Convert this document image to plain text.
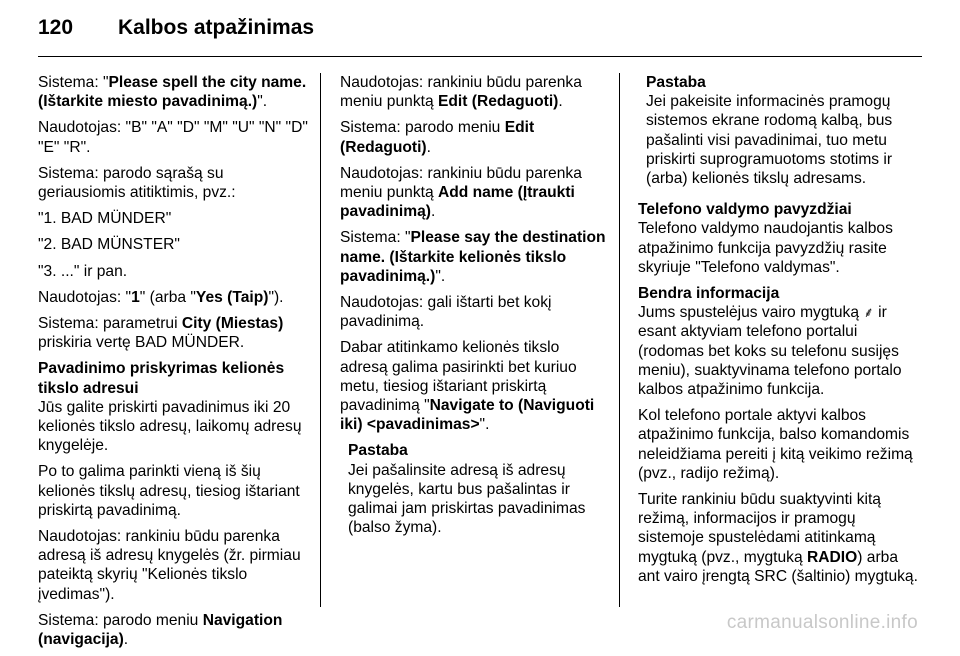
120	Kalbos atpažinimas

Sistema: "Please spell the city name. (Ištarkite miesto pavadinimą.)".

Naudotojas: "B" "A" "D" "M" "U" "N" "D" "E" "R".

Sistema: parodo sąrašą su geriausiomis atitiktimis, pvz.:

"1. BAD MÜNDER"

"2. BAD MÜNSTER"

"3. ..." ir pan.

Naudotojas: "1" (arba "Yes (Taip)").

Sistema: parametrui City (Miestas) priskiria vertę BAD MÜNDER.

Pavadinimo priskyrimas kelionės tikslo adresui

Jūs galite priskirti pavadinimus iki 20 kelionės tikslo adresų, laikomų adresų knygelėje.

Po to galima parinkti vieną iš šių kelionės tikslų adresų, tiesiog ištariant priskirtą pavadinimą.

Naudotojas: rankiniu būdu parenka adresą iš adresų knygelės (žr. pirmiau pateiktą skyrių "Kelionės tikslo įvedimas").

Sistema: parodo meniu Navigation (navigacija).

Naudotojas: rankiniu būdu parenka meniu punktą Edit (Redaguoti).

Sistema: parodo meniu Edit (Redaguoti).

Naudotojas: rankiniu būdu parenka meniu punktą Add name (Įtraukti pavadinimą).

Sistema: "Please say the destination name. (Ištarkite kelionės tikslo pavadinimą.)".

Naudotojas: gali ištarti bet kokį pavadinimą.

Dabar atitinkamo kelionės tikslo adresą galima pasirinkti bet kuriuo metu, tiesiog ištariant priskirtą pavadinimą "Navigate to (Naviguoti iki) <pavadinimas>".

Pastaba

Jei pašalinsite adresą iš adresų knygelės, kartu bus pašalintas ir galimai jam priskirtas pavadinimas (balso žyma).

Pastaba

Jei pakeisite informacinės pramogų sistemos ekrane rodomą kalbą, bus pašalinti visi pavadinimai, tuo metu priskirti suprogramuotoms stotims ir (arba) kelionės tikslų adresams.

Telefono valdymo pavyzdžiai

Telefono valdymo naudojantis kalbos atpažinimo funkcija pavyzdžių rasite skyriuje "Telefono valdymas".

Bendra informacija

Jums spustelėjus vairo mygtuką ⸙ ir esant aktyviam telefono portalui (rodomas bet koks su telefonu susijęs meniu), suaktyvinama telefono portalo kalbos atpažinimo funkcija.

Kol telefono portale aktyvi kalbos atpažinimo funkcija, balso komandomis neleidžiama pereiti į kitą veikimo režimą (pvz., radijo režimą).

Turite rankiniu būdu suaktyvinti kitą režimą, informacijos ir pramogų sistemoje spustelėdami atitinkamą mygtuką (pvz., mygtuką RADIO) arba ant vairo įrengtą SRC (šaltinio) mygtuką.

carmanualsonline.info
